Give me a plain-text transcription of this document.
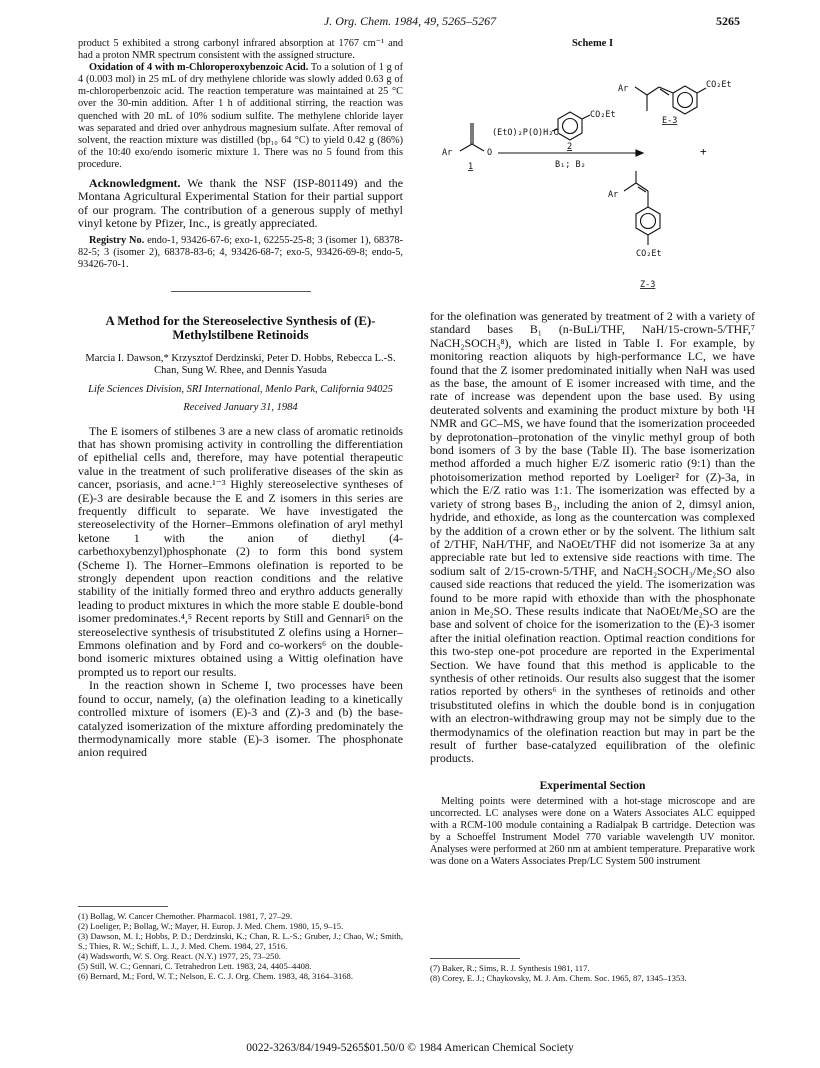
J. Org. Chem. 1984, 49, 5265–5267	5265

product 5 exhibited a strong carbonyl infrared absorption at 1767 cm⁻¹ and had a proton NMR spectrum consistent with the assigned structure.

Oxidation of 4 with m-Chloroperoxybenzoic Acid. To a solution of 1 g of 4 (0.003 mol) in 25 mL of dry methylene chloride was slowly added 0.63 g of m-chloroperbenzoic acid. The reaction temperature was maintained at 25 °C over the 30-min addition. After 1 h of additional stirring, the reaction was quenched with 20 mL of 10% sodium sulfite. The methylene chloride layer was separated and dried over anhydrous magnesium sulfate. After removal of solvent, the reaction mixture was distilled (bp₁₀ 64 °C) to yield 0.42 g (86%) of the 10:40 exo/endo isomeric mixture 1. There was no 5 found from this procedure.

Acknowledgment. We thank the NSF (ISP-801149) and the Montana Agricultural Experimental Station for their partial support of our program. The contribution of a generous supply of methyl vinyl ketone by Pfizer, Inc., is greatly appreciated.

Registry No. endo-1, 93426-67-6; exo-1, 62255-25-8; 3 (isomer 1), 68378-82-5; 3 (isomer 2), 68378-83-6; 4, 93426-68-7; exo-5, 93426-69-8; endo-5, 93426-70-1.

A Method for the Stereoselective Synthesis of (E)-Methylstilbene Retinoids
Marcia I. Dawson,* Krzysztof Derdzinski, Peter D. Hobbs, Rebecca L.-S. Chan, Sung W. Rhee, and Dennis Yasuda
Life Sciences Division, SRI International, Menlo Park, California 94025
Received January 31, 1984

The E isomers of stilbenes 3 are a new class of aromatic retinoids that has shown promising activity in controlling the differentiation of epithelial cells and, therefore, may have potential therapeutic value in the treatment of such proliferative diseases of the skin as cancer, psoriasis, and acne.¹⁻³ Highly stereoselective syntheses of (E)-3 are desirable because the E and Z isomers in this series are frequently difficult to separate. We have investigated the stereoselectivity of the Horner–Emmons olefination of aryl methyl ketone 1 with the anion of diethyl (4-carbethoxybenzyl)phosphonate (2) to form this bond system (Scheme I). The Horner–Emmons olefination is reported to be strongly dependent upon reaction conditions and the relative stability of the initially formed threo and erythro adducts generally leading to product mixtures in which the more stable E double-bond isomer predominates.⁴,⁵ Recent reports by Still and Gennari⁵ on the stereoselective synthesis of trisubstituted Z olefins using a Horner–Emmons olefination and by Ford and co-workers⁶ on the double-bond isomeric mixtures obtained using a Wittig olefination have prompted us to report our results.

In the reaction shown in Scheme I, two processes have been found to occur, namely, (a) the olefination leading to a kinetically controlled mixture of isomers (E)-3 and (Z)-3 and (b) the base-catalyzed isomerization of the mixture affording predominately the thermodynamically more stable (E)-3 isomer. The phosphonate anion required

(1) Bollag, W. Cancer Chemother. Pharmacol. 1981, 7, 27–29.
(2) Loeliger, P.; Bollag, W.; Mayer, H. Europ. J. Med. Chem. 1980, 15, 9–15.
(3) Dawson, M. I.; Hobbs, P. D.; Derdzinski, K.; Chan, R. L.-S.; Gruber, J.; Chao, W.; Smith, S.; Thies, R. W.; Schiff, L. J., J. Med. Chem. 1984, 27, 1516.
(4) Wadsworth, W. S. Org. React. (N.Y.) 1977, 25, 73–250.
(5) Still, W. C.; Gennari, C. Tetrahedron Lett. 1983, 24, 4405–4408.
(6) Bernard, M.; Ford, W. T.; Nelson, E. C. J. Org. Chem. 1983, 48, 3164–3168.
Scheme I
Ar	O
1
(EtO)₂P(O)H₂C
CO₂Et
2
B₁; B₂
Ar	CO₂Et
E-3
+
Ar
CO₂Et
Z-3

for the olefination was generated by treatment of 2 with a variety of standard bases B₁ (n-BuLi/THF, NaH/15-crown-5/THF,⁷ NaCH₂SOCH₃⁸), which are listed in Table I. For example, by monitoring reaction aliquots by high-performance LC, we have found that the Z isomer predominated initially when NaH was used as the base, the amount of E isomer increased with time, and the rate of increase was dependent upon the base used. By using deuterated solvents and examining the product mixture by both ¹H NMR and GC–MS, we have found that the isomerization proceeded by deprotonation–protonation of the vinylic methyl group of both bond isomers of 3 by the base (Table II). The base isomerization method afforded a much higher E/Z isomeric ratio (9:1) than the photoisomerization method reported by Loeliger² for (Z)-3a, in which the E/Z ratio was 1:1. The isomerization was effected by a variety of strong bases B₂, including the anion of 2, dimsyl anion, hydride, and ethoxide, as long as the countercation was complexed by the addition of a crown ether or by the solvent. The lithium salt of 2/THF, NaH/THF, and NaOEt/THF did not isomerize 3a at any appreciable rate but led to extensive side reactions with time. The sodium salt of 2/15-crown-5/THF, and NaCH₂SOCH₃/Me₂SO also caused side reactions that reduced the yield. The isomerization was found to be more rapid with ethoxide than with the phosphonate anion in Me₂SO. These results indicate that NaOEt/Me₂SO are the base and solvent of choice for the isomerization to the (E)-3 isomer after the initial olefination reaction. Optimal reaction conditions for this two-step one-pot procedure are reported in the Experimental Section. We have found that this method is applicable to the synthesis of other retinoids. Our results also suggest that the isomer ratios reported by others⁶ in the syntheses of retinoids and other trisubstituted olefins in which the double bond is in conjugation with an electron-withdrawing group may not be simply due to the thermodynamics of the olefination reaction but may in part be the result of further base-catalyzed equilibration of the olefinic products.

Experimental Section

Melting points were determined with a hot-stage microscope and are uncorrected. LC analyses were done on a Waters Associates ALC equipped with a RCM-100 module containing a Radialpak B cartridge. Detection was by a Schoeffel Instrument Model 770 variable wavelength UV monitor. Analyses were performed at 260 nm at ambient temperature. Preparative work was done on a Waters Associates Prep/LC System 500 instrument

(7) Baker, R.; Sims, R. J. Synthesis 1981, 117.
(8) Corey, E. J.; Chaykovsky, M. J. Am. Chem. Soc. 1965, 87, 1345–1353.
0022-3263/84/1949-5265$01.50/0 © 1984 American Chemical Society
